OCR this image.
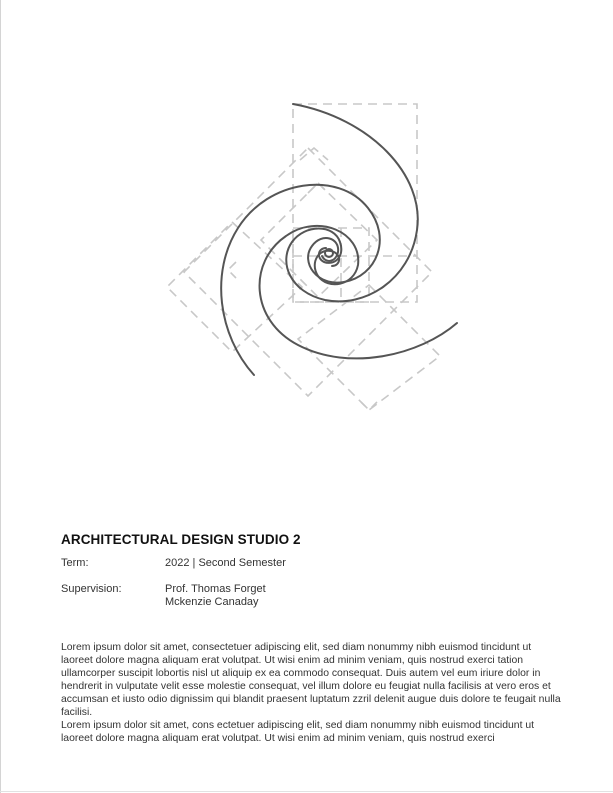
ARCHITECTURAL DESIGN STUDIO 2
Term:	2022 | Second Semester
Supervision:	Prof. Thomas Forget
Mckenzie Canaday

Lorem ipsum dolor sit amet, consectetuer adipiscing elit, sed diam nonummy nibh euismod tincidunt ut laoreet dolore magna aliquam erat volutpat. Ut wisi enim ad minim veniam, quis nostrud exerci tation ullamcorper suscipit lobortis nisl ut aliquip ex ea commodo consequat. Duis autem vel eum iriure dolor in hendrerit in vulputate velit esse molestie consequat, vel illum dolore eu feugiat nulla facilisis at vero eros et accumsan et iusto odio dignissim qui blandit praesent luptatum zzril delenit augue duis dolore te feugait nulla facilisi.

Lorem ipsum dolor sit amet, cons ectetuer adipiscing elit, sed diam nonummy nibh euismod tincidunt ut laoreet dolore magna aliquam erat volutpat. Ut wisi enim ad minim veniam, quis nostrud exerci
